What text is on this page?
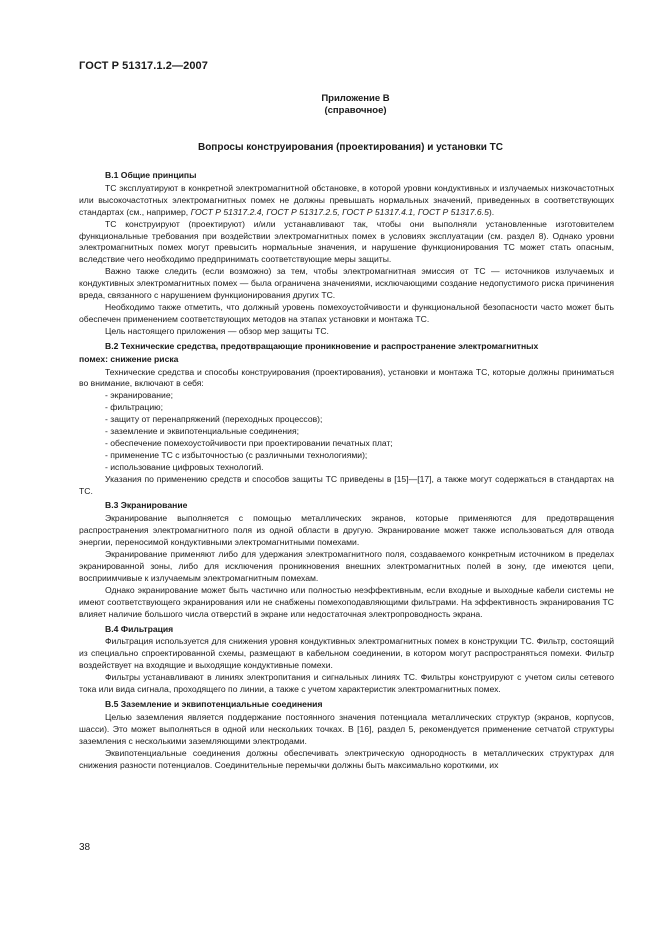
ГОСТ Р 51317.1.2—2007
Приложение В
(справочное)
Вопросы конструирования (проектирования) и установки ТС
В.1 Общие принципы

ТС эксплуатируют в конкретной электромагнитной обстановке, в которой уровни кондуктивных и излучаемых низкочастотных или высокочастотных электромагнитных помех не должны превышать нормальных значений, приведенных в соответствующих стандартах (см., например, ГОСТ Р 51317.2.4, ГОСТ Р 51317.2.5, ГОСТ Р 51317.4.1, ГОСТ Р 51317.6.5).

ТС конструируют (проектируют) и/или устанавливают так, чтобы они выполняли установленные изготовителем функциональные требования при воздействии электромагнитных помех в условиях эксплуатации (см. раздел 8). Однако уровни электромагнитных помех могут превысить нормальные значения, и нарушение функционирования ТС может стать опасным, вследствие чего необходимо предпринимать соответствующие меры защиты.

Важно также следить (если возможно) за тем, чтобы электромагнитная эмиссия от ТС — источников излучаемых и кондуктивных электромагнитных помех — была ограничена значениями, исключающими создание недопустимого риска причинения вреда, связанного с нарушением функционирования других ТС.

Необходимо также отметить, что должный уровень помехоустойчивости и функциональной безопасности часто может быть обеспечен применением соответствующих методов на этапах установки и монтажа ТС.

Цель настоящего приложения — обзор мер защиты ТС.

В.2 Технические средства, предотвращающие проникновение и распространение электромагнитных
помех: снижение риска

Технические средства и способы конструирования (проектирования), установки и монтажа ТС, которые должны приниматься во внимание, включают в себя:

- экранирование;
- фильтрацию;
- защиту от перенапряжений (переходных процессов);
- заземление и эквипотенциальные соединения;
- обеспечение помехоустойчивости при проектировании печатных плат;
- применение ТС с избыточностью (с различными технологиями);
- использование цифровых технологий.

Указания по применению средств и способов защиты ТС приведены в [15]—[17], а также могут содержаться в стандартах на ТС.

В.3 Экранирование

Экранирование выполняется с помощью металлических экранов, которые применяются для предотвращения распространения электромагнитного поля из одной области в другую. Экранирование может также использоваться для отвода энергии, переносимой кондуктивными электромагнитными помехами.

Экранирование применяют либо для удержания электромагнитного поля, создаваемого конкретным источником в пределах экранированной зоны, либо для исключения проникновения внешних электромагнитных полей в зону, где имеются цепи, восприимчивые к излучаемым электромагнитным помехам.

Однако экранирование может быть частично или полностью неэффективным, если входные и выходные кабели системы не имеют соответствующего экранирования или не снабжены помехоподавляющими фильтрами. На эффективность экранирования ТС влияет наличие большого числа отверстий в экране или недостаточная электропроводность экрана.

В.4 Фильтрация

Фильтрация используется для снижения уровня кондуктивных электромагнитных помех в конструкции ТС. Фильтр, состоящий из специально спроектированной схемы, размещают в кабельном соединении, в котором могут распространяться помехи. Фильтр воздействует на входящие и выходящие кондуктивные помехи.

Фильтры устанавливают в линиях электропитания и сигнальных линиях ТС. Фильтры конструируют с учетом силы сетевого тока или вида сигнала, проходящего по линии, а также с учетом характеристик электромагнитных помех.

В.5 Заземление и эквипотенциальные соединения

Целью заземления является поддержание постоянного значения потенциала металлических структур (экранов, корпусов, шасси). Это может выполняться в одной или нескольких точках. В [16], раздел 5, рекомендуется применение сетчатой структуры заземления с несколькими заземляющими электродами.

Эквипотенциальные соединения должны обеспечивать электрическую однородность в металлических структурах для снижения разности потенциалов. Соединительные перемычки должны быть максимально короткими, их

38
